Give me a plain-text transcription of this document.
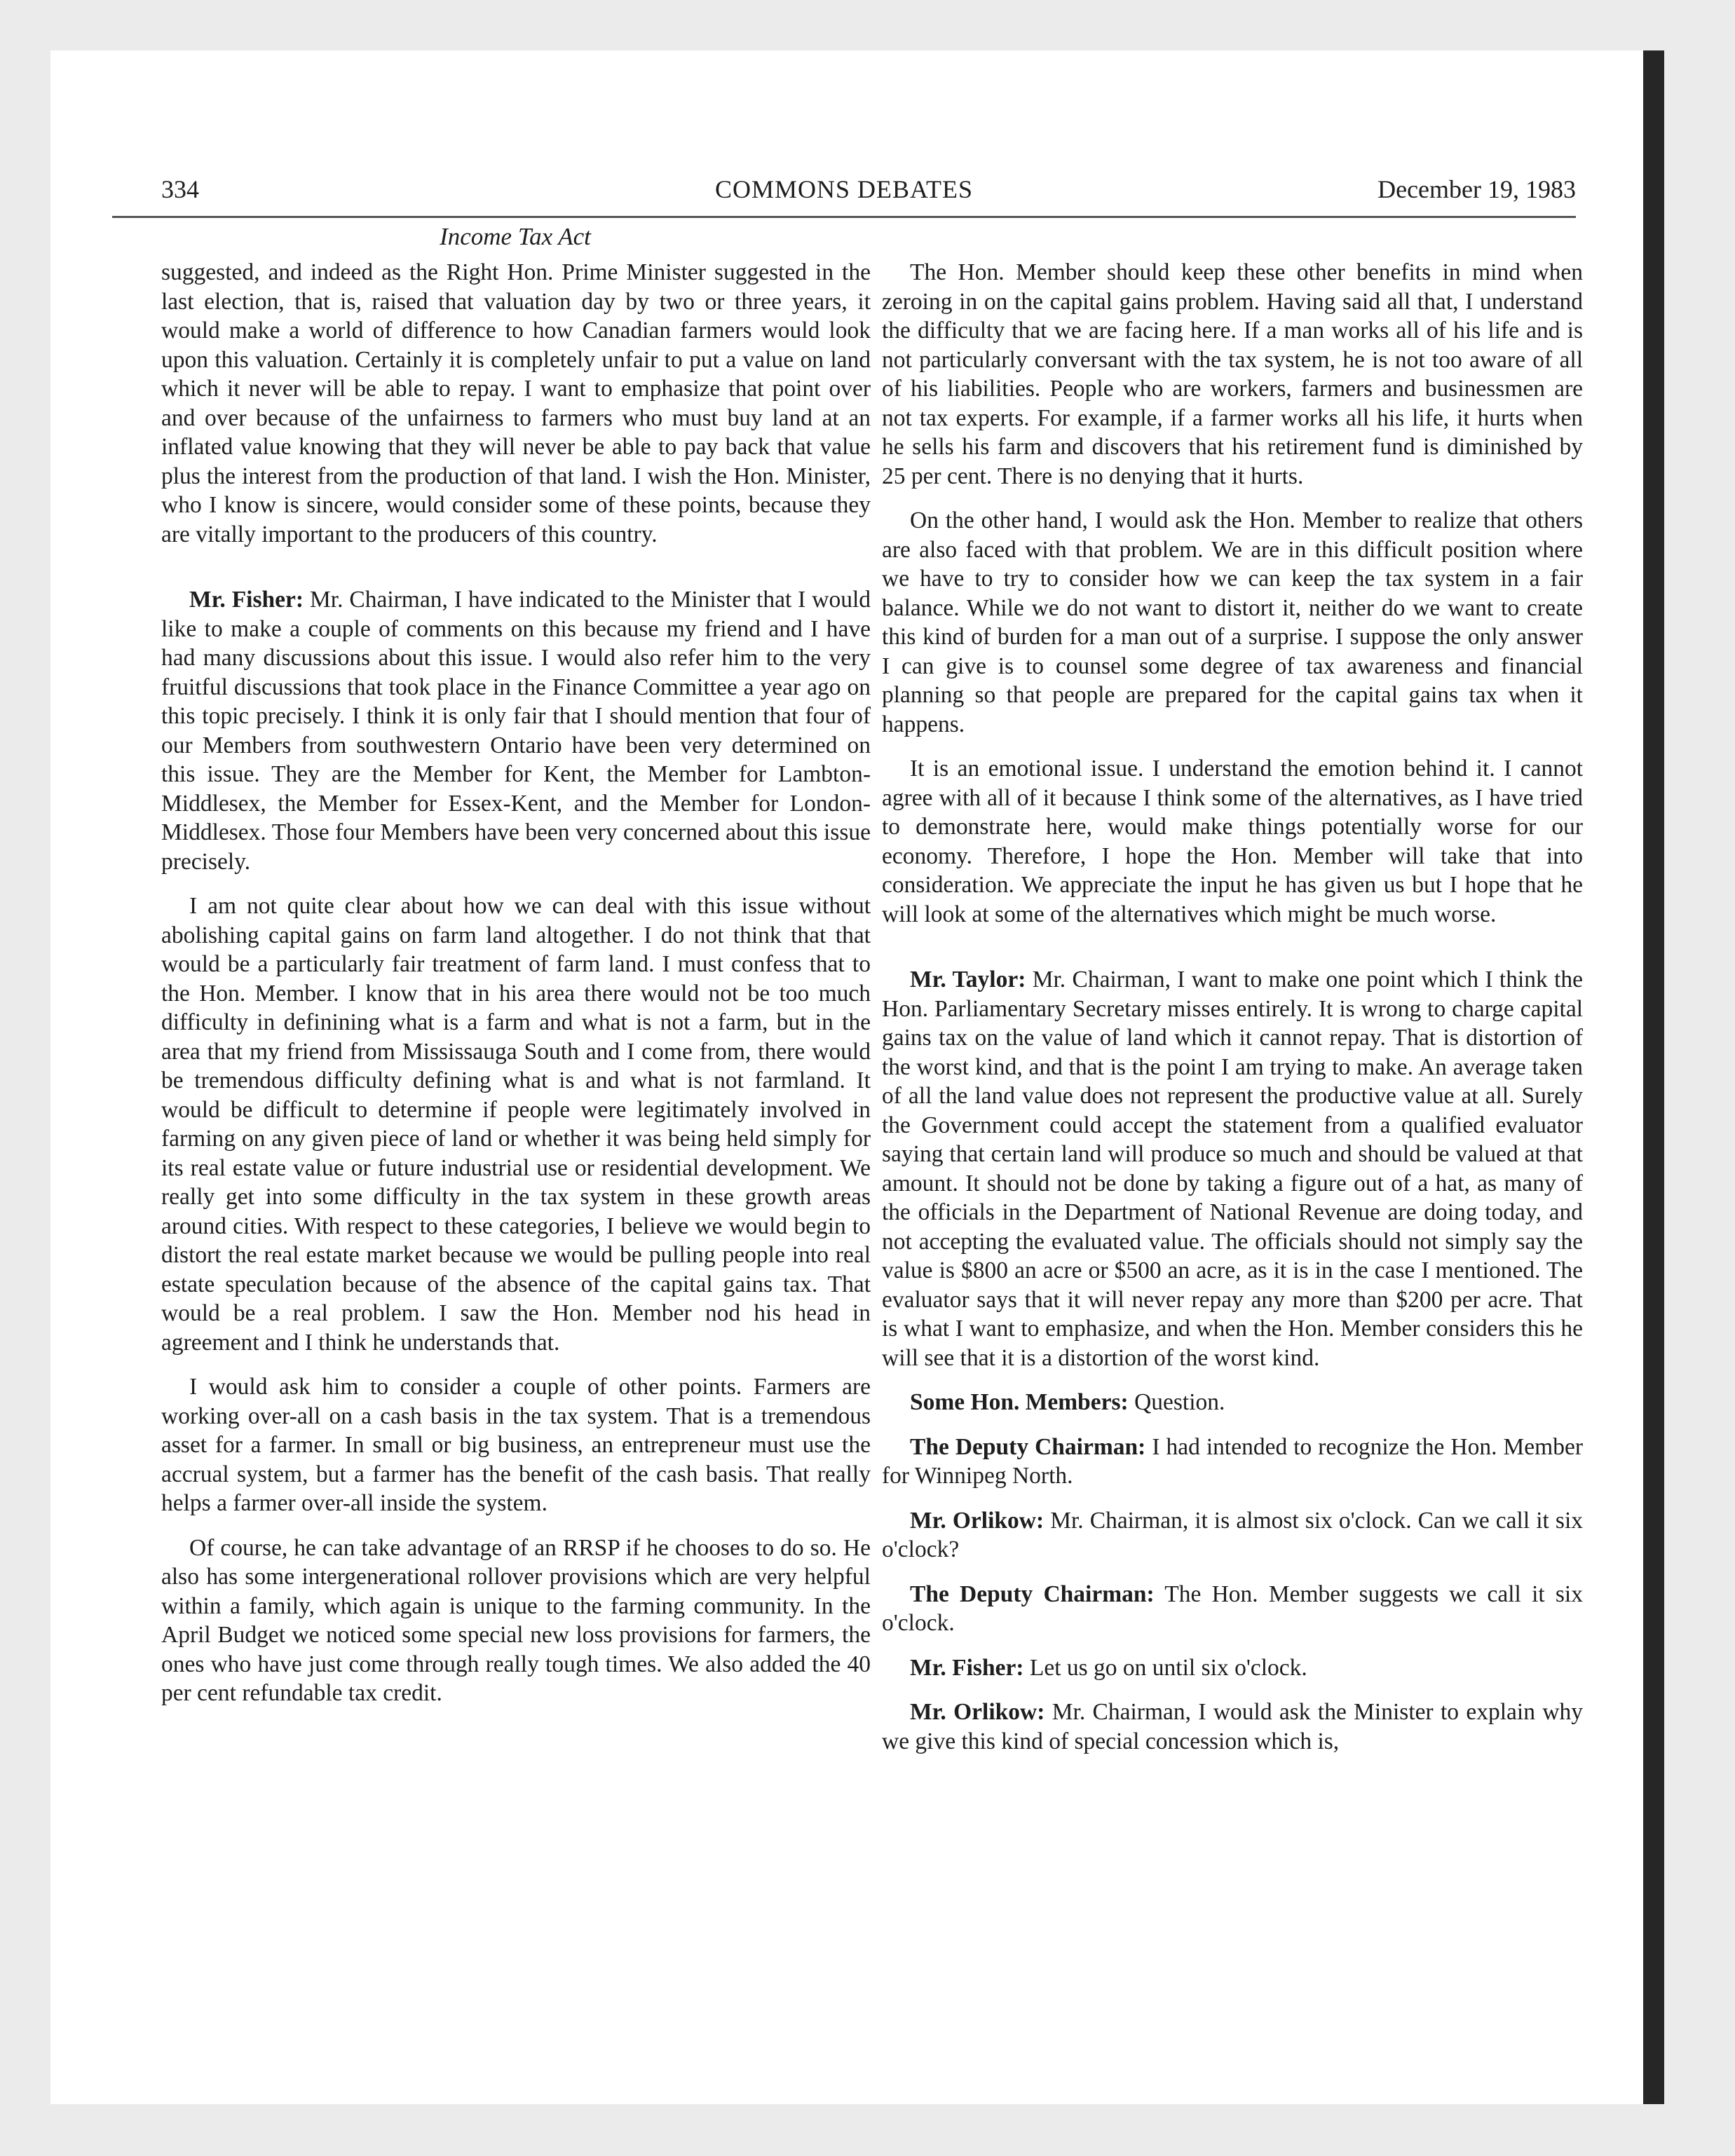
334	COMMONS DEBATES	December 19, 1983
Income Tax Act

suggested, and indeed as the Right Hon. Prime Minister suggested in the last election, that is, raised that valuation day by two or three years, it would make a world of difference to how Canadian farmers would look upon this valuation. Certainly it is completely unfair to put a value on land which it never will be able to repay. I want to emphasize that point over and over because of the unfairness to farmers who must buy land at an inflated value knowing that they will never be able to pay back that value plus the interest from the production of that land. I wish the Hon. Minister, who I know is sincere, would consider some of these points, because they are vitally important to the producers of this country.

Mr. Fisher: Mr. Chairman, I have indicated to the Minister that I would like to make a couple of comments on this because my friend and I have had many discussions about this issue. I would also refer him to the very fruitful discussions that took place in the Finance Committee a year ago on this topic precisely. I think it is only fair that I should mention that four of our Members from southwestern Ontario have been very determined on this issue. They are the Member for Kent, the Member for Lambton-Middlesex, the Member for Essex-Kent, and the Member for London-Middlesex. Those four Members have been very concerned about this issue precisely.

I am not quite clear about how we can deal with this issue without abolishing capital gains on farm land altogether. I do not think that that would be a particularly fair treatment of farm land. I must confess that to the Hon. Member. I know that in his area there would not be too much difficulty in definining what is a farm and what is not a farm, but in the area that my friend from Mississauga South and I come from, there would be tremendous difficulty defining what is and what is not farmland. It would be difficult to determine if people were legitimately involved in farming on any given piece of land or whether it was being held simply for its real estate value or future industrial use or residential development. We really get into some difficulty in the tax system in these growth areas around cities. With respect to these categories, I believe we would begin to distort the real estate market because we would be pulling people into real estate speculation because of the absence of the capital gains tax. That would be a real problem. I saw the Hon. Member nod his head in agreement and I think he understands that.

I would ask him to consider a couple of other points. Farmers are working over-all on a cash basis in the tax system. That is a tremendous asset for a farmer. In small or big business, an entrepreneur must use the accrual system, but a farmer has the benefit of the cash basis. That really helps a farmer over-all inside the system.

Of course, he can take advantage of an RRSP if he chooses to do so. He also has some intergenerational rollover provisions which are very helpful within a family, which again is unique to the farming community. In the April Budget we noticed some special new loss provisions for farmers, the ones who have just come through really tough times. We also added the 40 per cent refundable tax credit.

The Hon. Member should keep these other benefits in mind when zeroing in on the capital gains problem. Having said all that, I understand the difficulty that we are facing here. If a man works all of his life and is not particularly conversant with the tax system, he is not too aware of all of his liabilities. People who are workers, farmers and businessmen are not tax experts. For example, if a farmer works all his life, it hurts when he sells his farm and discovers that his retirement fund is diminished by 25 per cent. There is no denying that it hurts.

On the other hand, I would ask the Hon. Member to realize that others are also faced with that problem. We are in this difficult position where we have to try to consider how we can keep the tax system in a fair balance. While we do not want to distort it, neither do we want to create this kind of burden for a man out of a surprise. I suppose the only answer I can give is to counsel some degree of tax awareness and financial planning so that people are prepared for the capital gains tax when it happens.

It is an emotional issue. I understand the emotion behind it. I cannot agree with all of it because I think some of the alternatives, as I have tried to demonstrate here, would make things potentially worse for our economy. Therefore, I hope the Hon. Member will take that into consideration. We appreciate the input he has given us but I hope that he will look at some of the alternatives which might be much worse.

Mr. Taylor: Mr. Chairman, I want to make one point which I think the Hon. Parliamentary Secretary misses entirely. It is wrong to charge capital gains tax on the value of land which it cannot repay. That is distortion of the worst kind, and that is the point I am trying to make. An average taken of all the land value does not represent the productive value at all. Surely the Government could accept the statement from a qualified evaluator saying that certain land will produce so much and should be valued at that amount. It should not be done by taking a figure out of a hat, as many of the officials in the Department of National Revenue are doing today, and not accepting the evaluated value. The officials should not simply say the value is $800 an acre or $500 an acre, as it is in the case I mentioned. The evaluator says that it will never repay any more than $200 per acre. That is what I want to emphasize, and when the Hon. Member considers this he will see that it is a distortion of the worst kind.

Some Hon. Members: Question.

The Deputy Chairman: I had intended to recognize the Hon. Member for Winnipeg North.

Mr. Orlikow: Mr. Chairman, it is almost six o'clock. Can we call it six o'clock?

The Deputy Chairman: The Hon. Member suggests we call it six o'clock.

Mr. Fisher: Let us go on until six o'clock.

Mr. Orlikow: Mr. Chairman, I would ask the Minister to explain why we give this kind of special concession which is,
